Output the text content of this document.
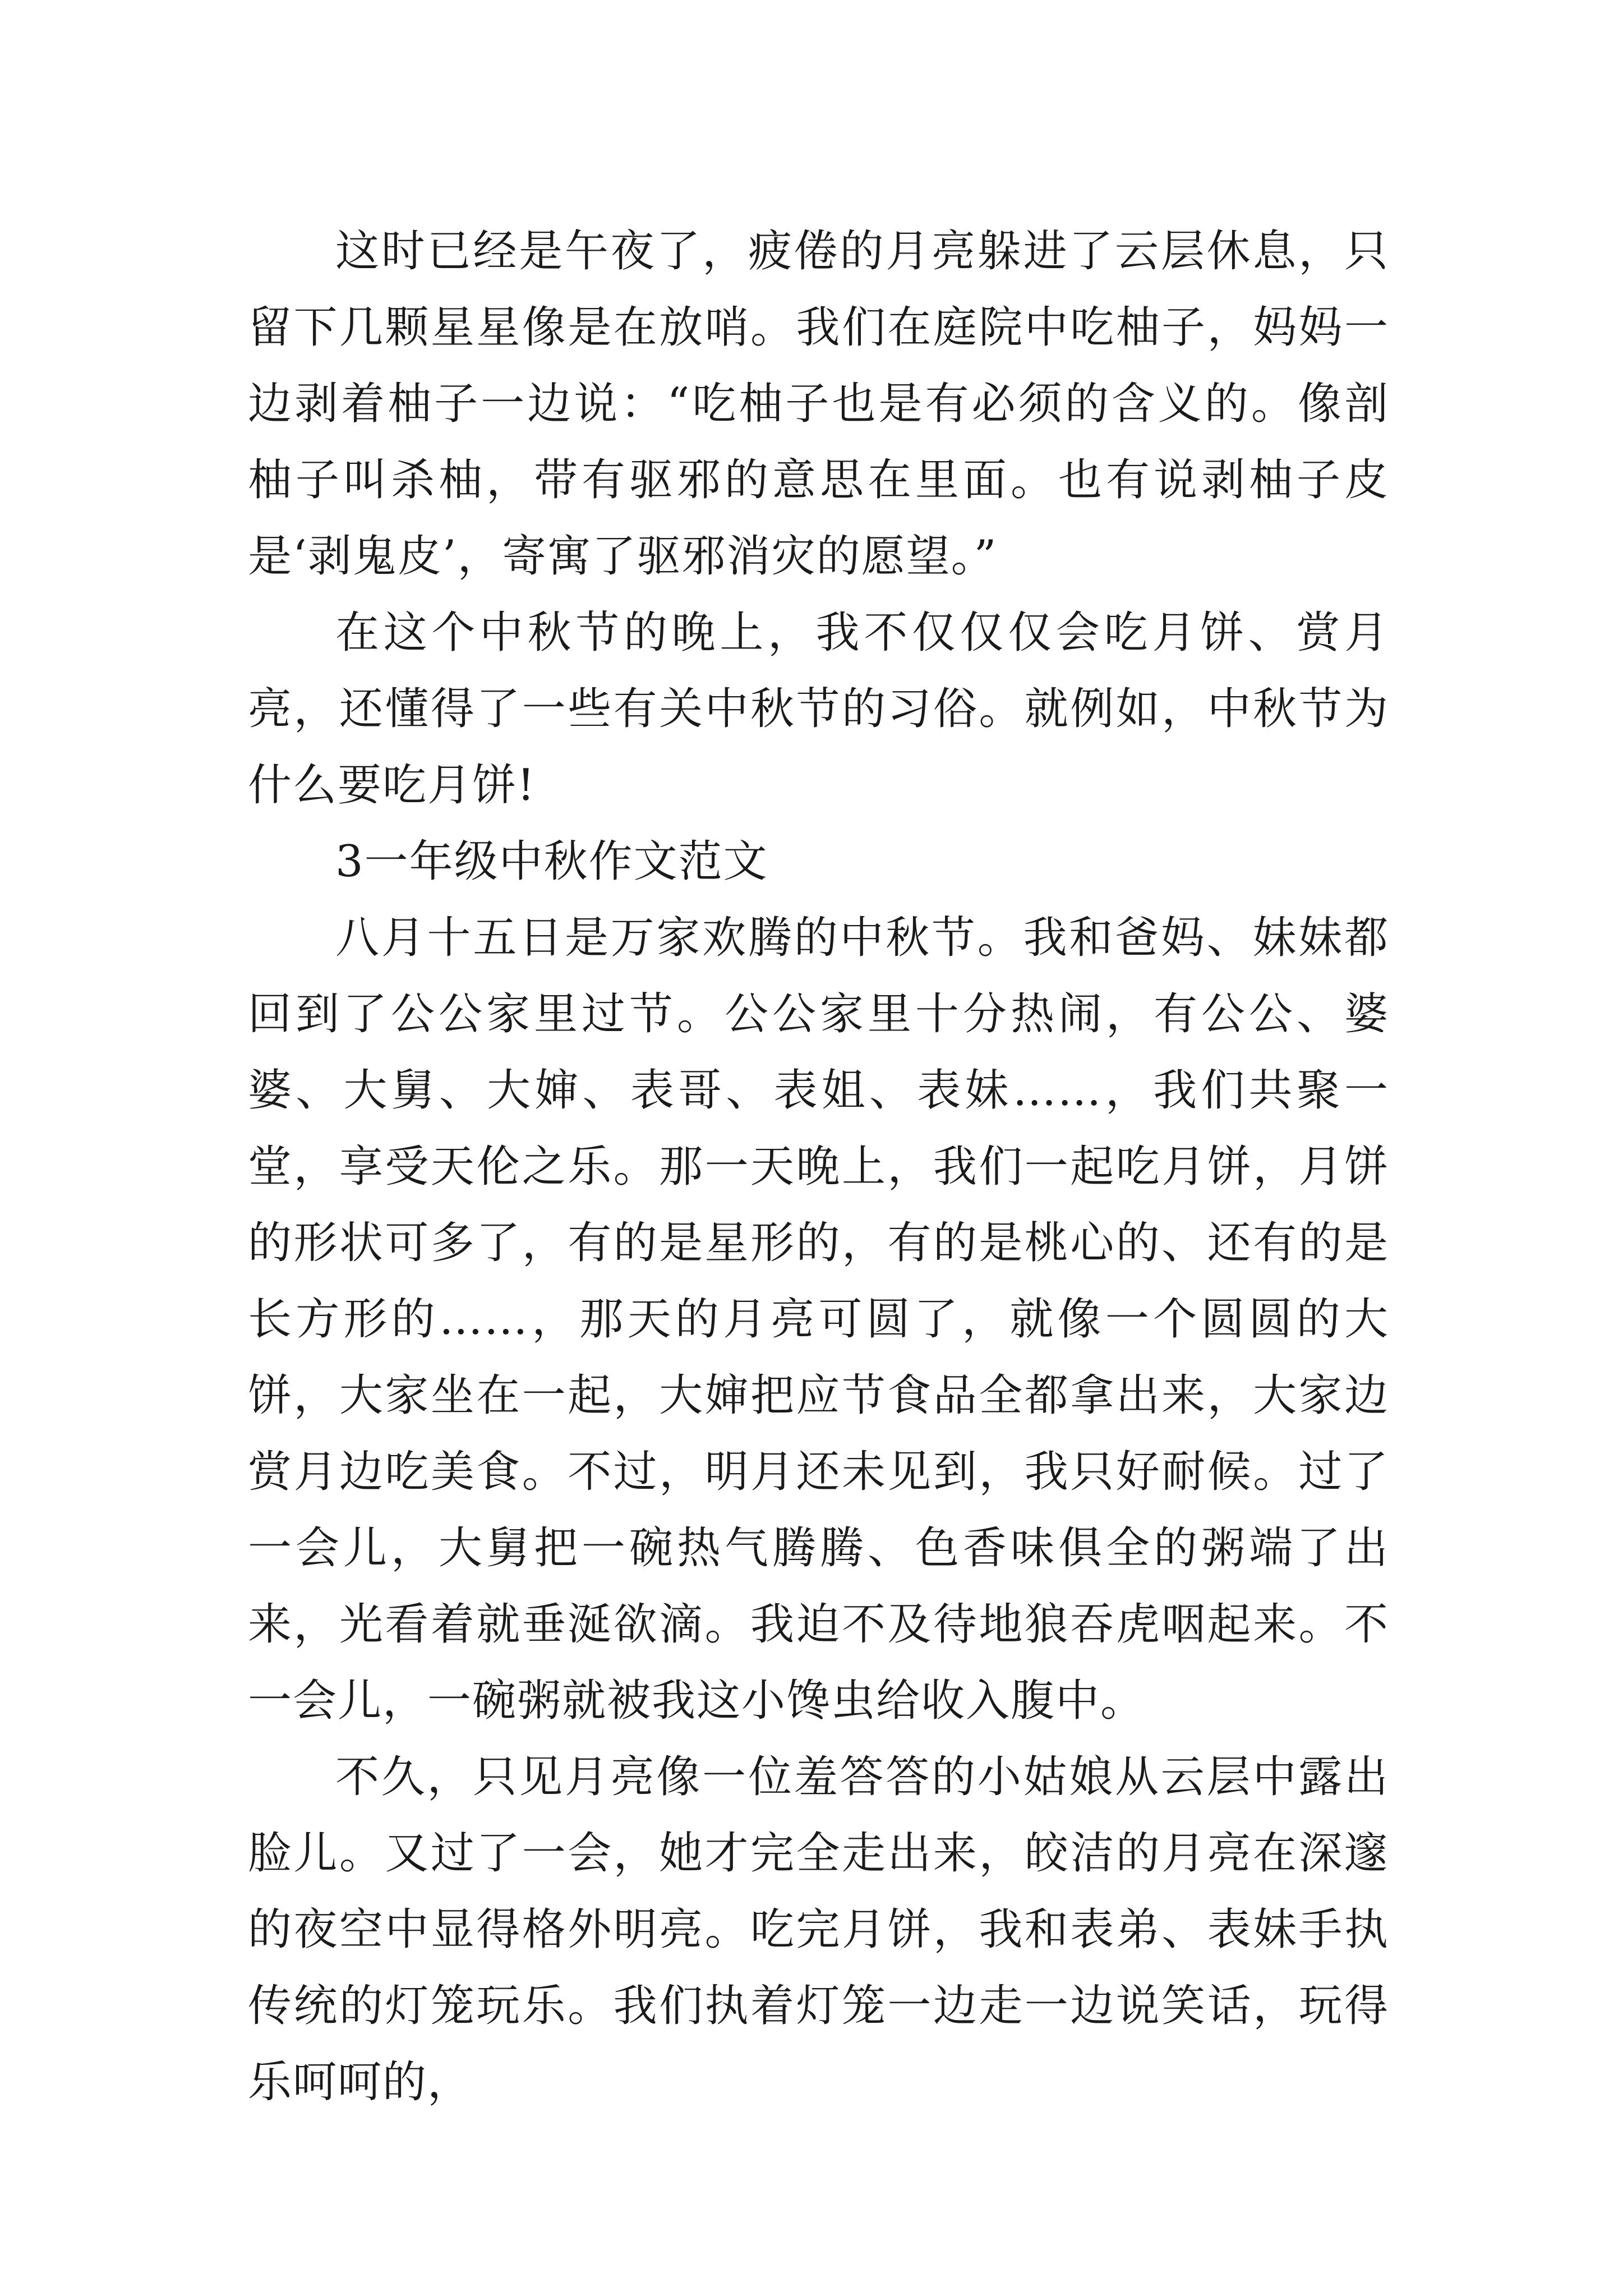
这时已经是午夜了，疲倦的月亮躲进了云层休息，只留下几颗星星像是在放哨。我们在庭院中吃柚子，妈妈一边剥着柚子一边说：“吃柚子也是有必须的含义的。像剖柚子叫杀柚，带有驱邪的意思在里面。也有说剥柚子皮是‘剥鬼皮’，寄寓了驱邪消灾的愿望。”

在这个中秋节的晚上，我不仅仅仅会吃月饼、赏月亮，还懂得了一些有关中秋节的习俗。就例如，中秋节为什么要吃月饼!

3一年级中秋作文范文

八月十五日是万家欢腾的中秋节。我和爸妈、妹妹都回到了公公家里过节。公公家里十分热闹，有公公、婆婆、大舅、大婶、表哥、表姐、表妹……，我们共聚一堂，享受天伦之乐。那一天晚上，我们一起吃月饼，月饼的形状可多了，有的是星形的，有的是桃心的、还有的是长方形的……，那天的月亮可圆了，就像一个圆圆的大饼，大家坐在一起，大婶把应节食品全都拿出来，大家边赏月边吃美食。不过，明月还未见到，我只好耐候。过了一会儿，大舅把一碗热气腾腾、色香味俱全的粥端了出来，光看着就垂涎欲滴。我迫不及待地狼吞虎咽起来。不一会儿，一碗粥就被我这小馋虫给收入腹中。

不久，只见月亮像一位羞答答的小姑娘从云层中露出脸儿。又过了一会，她才完全走出来，皎洁的月亮在深邃的夜空中显得格外明亮。吃完月饼，我和表弟、表妹手执传统的灯笼玩乐。我们执着灯笼一边走一边说笑话，玩得乐呵呵的，
